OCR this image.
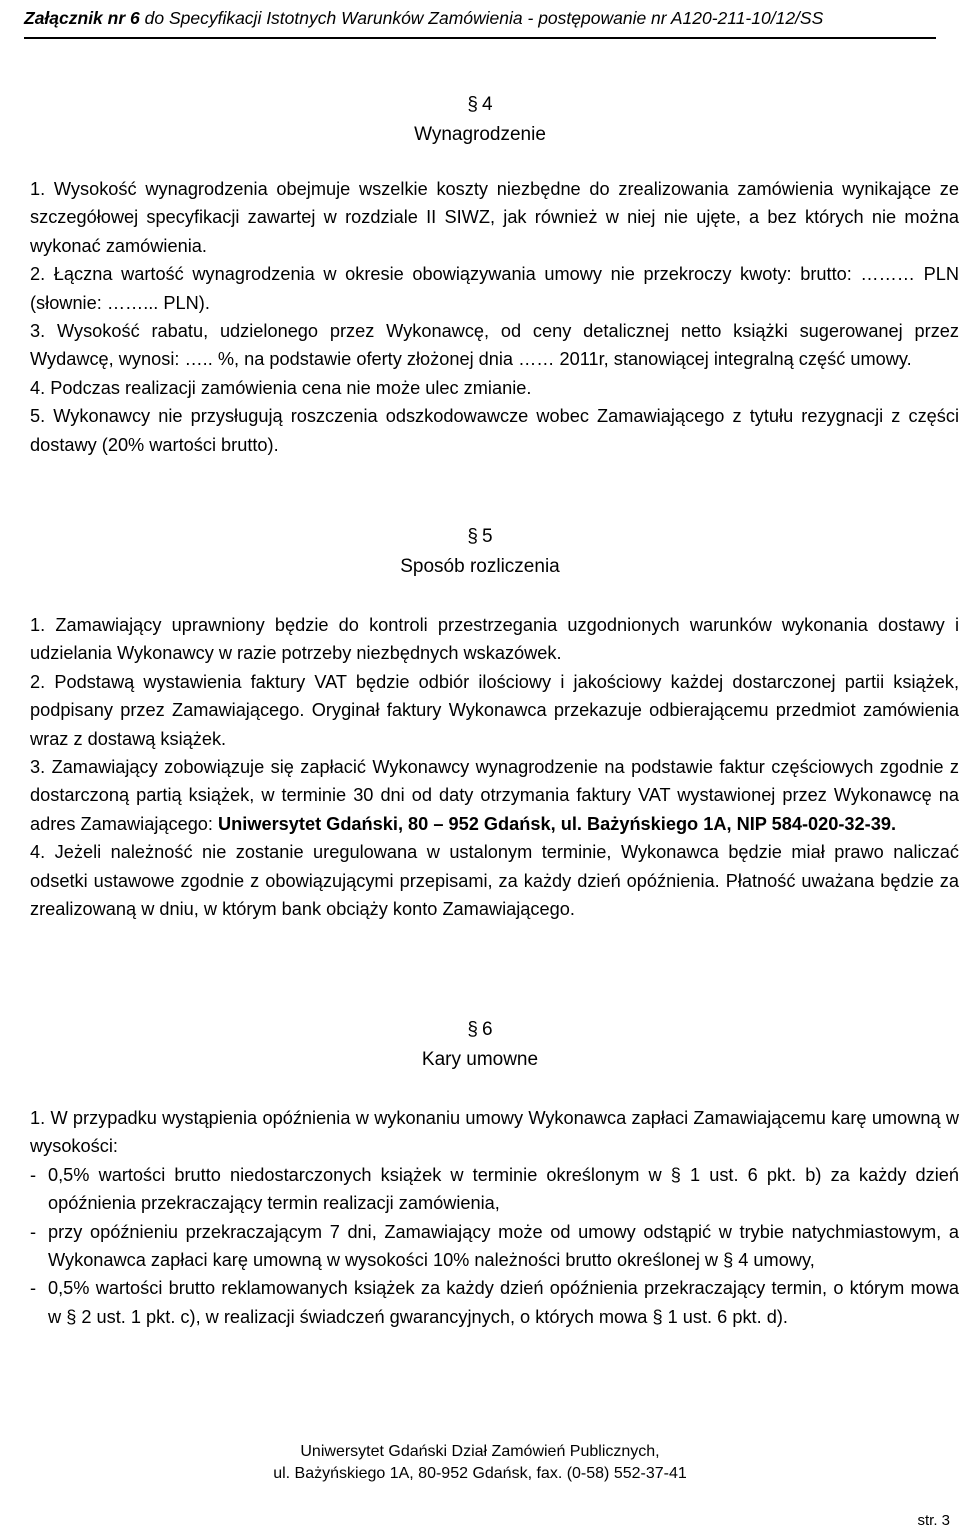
Załącznik nr 6 do Specyfikacji Istotnych Warunków Zamówienia - postępowanie nr A120-211-10/12/SS
§ 4
Wynagrodzenie
1. Wysokość wynagrodzenia obejmuje wszelkie koszty niezbędne do zrealizowania zamówienia wynikające ze szczegółowej specyfikacji zawartej w rozdziale II SIWZ, jak również w niej nie ujęte, a bez których nie można wykonać zamówienia.
2. Łączna wartość wynagrodzenia w okresie obowiązywania umowy nie przekroczy kwoty: brutto: ……… PLN (słownie: ……... PLN).
3. Wysokość rabatu, udzielonego przez Wykonawcę, od ceny detalicznej netto książki sugerowanej przez Wydawcę, wynosi: ….. %, na podstawie oferty złożonej dnia …… 2011r, stanowiącej integralną część umowy.
4. Podczas realizacji zamówienia cena nie może ulec zmianie.
5. Wykonawcy nie przysługują roszczenia odszkodowawcze wobec Zamawiającego z tytułu rezygnacji z części dostawy (20% wartości brutto).
§ 5
Sposób rozliczenia
1. Zamawiający uprawniony będzie do kontroli przestrzegania uzgodnionych warunków wykonania dostawy i udzielania Wykonawcy w razie potrzeby niezbędnych wskazówek.
2. Podstawą wystawienia faktury VAT będzie odbiór ilościowy i jakościowy każdej dostarczonej partii książek, podpisany przez Zamawiającego. Oryginał faktury Wykonawca przekazuje odbierającemu przedmiot zamówienia wraz z dostawą książek.
3. Zamawiający zobowiązuje się zapłacić Wykonawcy wynagrodzenie na podstawie faktur częściowych zgodnie z dostarczoną partią książek, w terminie 30 dni od daty otrzymania faktury VAT wystawionej przez Wykonawcę na adres Zamawiającego: Uniwersytet Gdański, 80 – 952 Gdańsk, ul. Bażyńskiego 1A, NIP 584-020-32-39.
4. Jeżeli należność nie zostanie uregulowana w ustalonym terminie, Wykonawca będzie miał prawo naliczać odsetki ustawowe zgodnie z obowiązującymi przepisami, za każdy dzień opóźnienia. Płatność uważana będzie za zrealizowaną w dniu, w którym bank obciąży konto Zamawiającego.
§ 6
Kary umowne
1. W przypadku wystąpienia opóźnienia w wykonaniu umowy Wykonawca zapłaci Zamawiającemu karę umowną w wysokości:
- 0,5% wartości brutto niedostarczonych książek w terminie określonym w § 1 ust. 6 pkt. b) za każdy dzień opóźnienia przekraczający termin realizacji zamówienia,
- przy opóźnieniu przekraczającym 7 dni, Zamawiający może od umowy odstąpić w trybie natychmiastowym, a Wykonawca zapłaci karę umowną w wysokości 10% należności brutto określonej w § 4 umowy,
- 0,5% wartości brutto reklamowanych książek za każdy dzień opóźnienia przekraczający termin, o którym mowa w § 2 ust. 1 pkt. c), w realizacji świadczeń gwarancyjnych, o których mowa § 1 ust. 6 pkt. d).
Uniwersytet Gdański Dział Zamówień Publicznych,
ul. Bażyńskiego 1A, 80-952 Gdańsk, fax. (0-58) 552-37-41
str. 3
